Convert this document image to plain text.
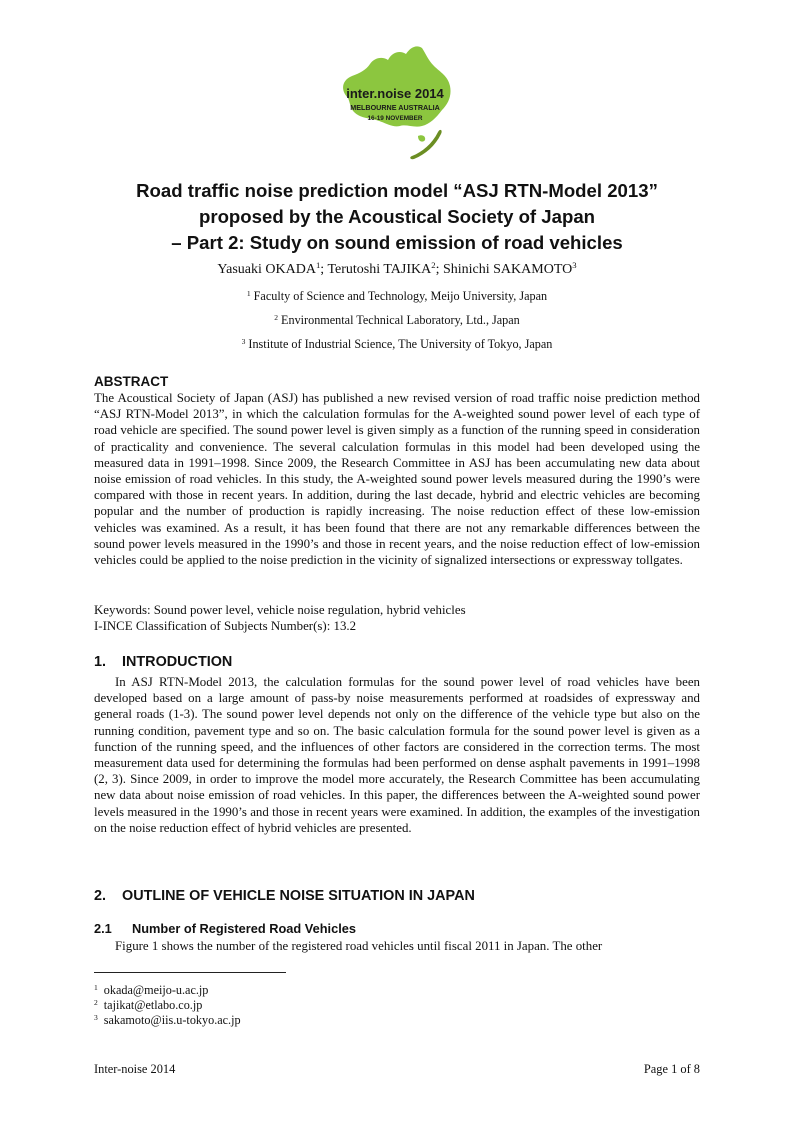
inter.noise 2014
MELBOURNE AUSTRALIA
16-19 NOVEMBER
Road traffic noise prediction model “ASJ RTN-Model 2013”
proposed by the Acoustical Society of Japan
– Part 2: Study on sound emission of road vehicles
Yasuaki OKADA$^1$; Terutoshi TAJIKA$^2$; Shinichi SAKAMOTO$^3$
$^1$ Faculty of Science and Technology, Meijo University, Japan
$^2$ Environmental Technical Laboratory, Ltd., Japan
$^3$ Institute of Industrial Science, The University of Tokyo, Japan
ABSTRACT
The Acoustical Society of Japan (ASJ) has published a new revised version of road traffic noise prediction method “ASJ RTN-Model 2013”, in which the calculation formulas for the A-weighted sound power level of each type of road vehicle are specified. The sound power level is given simply as a function of the running speed in consideration of practicality and convenience. The several calculation formulas in this model had been developed using the measured data in 1991–1998. Since 2009, the Research Committee in ASJ has been accumulating new data about noise emission of road vehicles. In this study, the A-weighted sound power levels measured during the 1990’s were compared with those in recent years. In addition, during the last decade, hybrid and electric vehicles are becoming popular and the number of production is rapidly increasing. The noise reduction effect of these low-emission vehicles was examined. As a result, it has been found that there are not any remarkable differences between the sound power levels measured in the 1990’s and those in recent years, and the noise reduction effect of low-emission vehicles could be applied to the noise prediction in the vicinity of signalized intersections or expressway tollgates.
Keywords: Sound power level, vehicle noise regulation, hybrid vehicles
I-INCE Classification of Subjects Number(s): 13.2
1. INTRODUCTION
In ASJ RTN-Model 2013, the calculation formulas for the sound power level of road vehicles have been developed based on a large amount of pass-by noise measurements performed at roadsides of expressway and general roads (1-3). The sound power level depends not only on the difference of the vehicle type but also on the running condition, pavement type and so on. The basic calculation formula for the sound power level is given as a function of the running speed, and the influences of other factors are considered in the correction terms. The most measurement data used for determining the formulas had been performed on dense asphalt pavements in 1991–1998 (2, 3). Since 2009, in order to improve the model more accurately, the Research Committee has been accumulating new data about noise emission of road vehicles. In this paper, the differences between the A-weighted sound power levels measured in the 1990’s and those in recent years were examined. In addition, the examples of the investigation on the noise reduction effect of hybrid vehicles are presented.
2. OUTLINE OF VEHICLE NOISE SITUATION IN JAPAN
2.1 Number of Registered Road Vehicles
Figure 1 shows the number of the registered road vehicles until fiscal 2011 in Japan. The other
$^1$ okada@meijo-u.ac.jp
$^2$ tajikat@etlabo.co.jp
$^3$ sakamoto@iis.u-tokyo.ac.jp
Inter-noise 2014	Page 1 of 8
